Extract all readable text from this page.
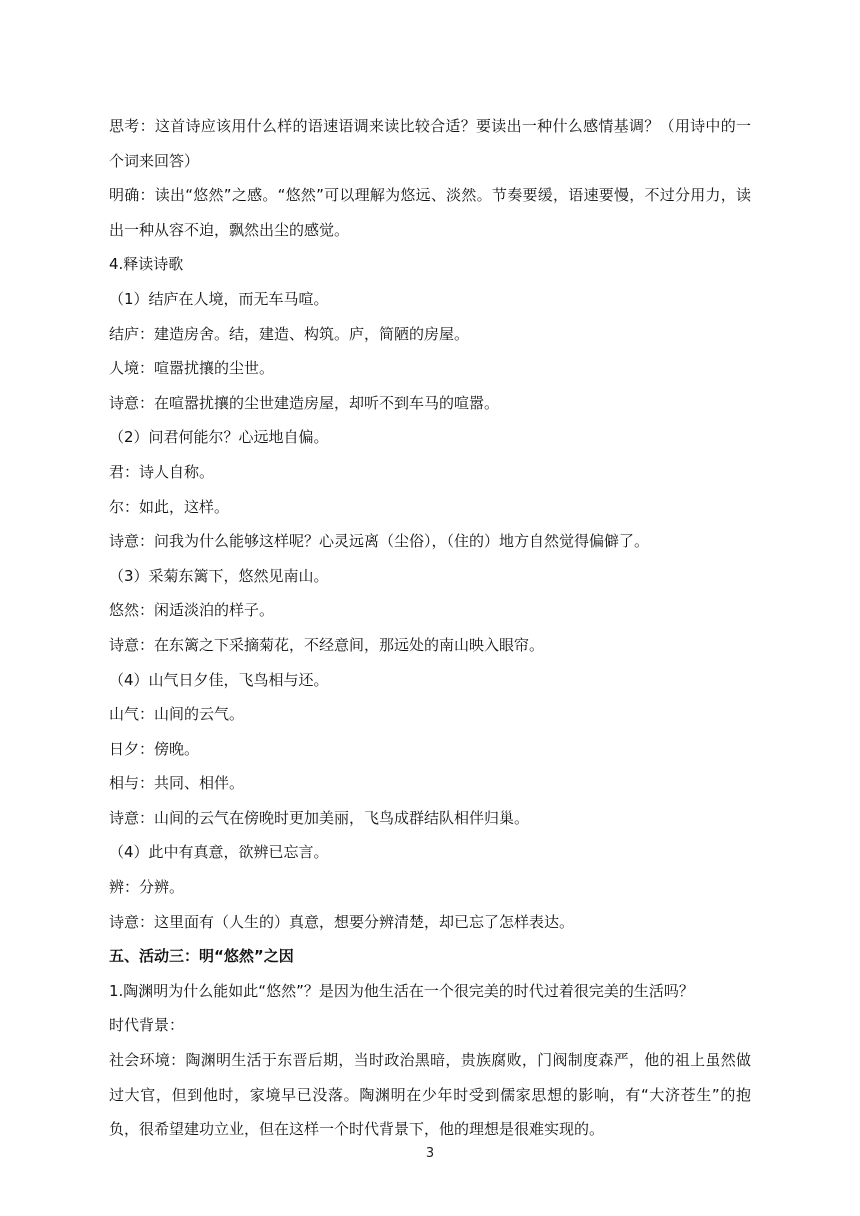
思考：这首诗应该用什么样的语速语调来读比较合适？要读出一种什么感情基调？（用诗中的一个词来回答）

明确：读出“悠然”之感。“悠然”可以理解为悠远、淡然。节奏要缓，语速要慢，不过分用力，读出一种从容不迫，飘然出尘的感觉。

4.释读诗歌

（1）结庐在人境，而无车马喧。

结庐：建造房舍。结，建造、构筑。庐，简陋的房屋。

人境：喧嚣扰攘的尘世。

诗意：在喧嚣扰攘的尘世建造房屋，却听不到车马的喧嚣。

（2）问君何能尔？心远地自偏。

君：诗人自称。

尔：如此，这样。

诗意：问我为什么能够这样呢？心灵远离（尘俗），（住的）地方自然觉得偏僻了。

（3）采菊东篱下，悠然见南山。

悠然：闲适淡泊的样子。

诗意：在东篱之下采摘菊花，不经意间，那远处的南山映入眼帘。

（4）山气日夕佳，飞鸟相与还。

山气：山间的云气。

日夕：傍晚。

相与：共同、相伴。

诗意：山间的云气在傍晚时更加美丽，飞鸟成群结队相伴归巢。

（4）此中有真意，欲辨已忘言。

辨：分辨。

诗意：这里面有（人生的）真意，想要分辨清楚，却已忘了怎样表达。

五、活动三：明“悠然”之因

1.陶渊明为什么能如此“悠然”？是因为他生活在一个很完美的时代过着很完美的生活吗？

时代背景：

社会环境：陶渊明生活于东晋后期，当时政治黑暗，贵族腐败，门阀制度森严，他的祖上虽然做过大官，但到他时，家境早已没落。陶渊明在少年时受到儒家思想的影响，有“大济苍生”的抱负，很希望建功立业，但在这样一个时代背景下，他的理想是很难实现的。

3
